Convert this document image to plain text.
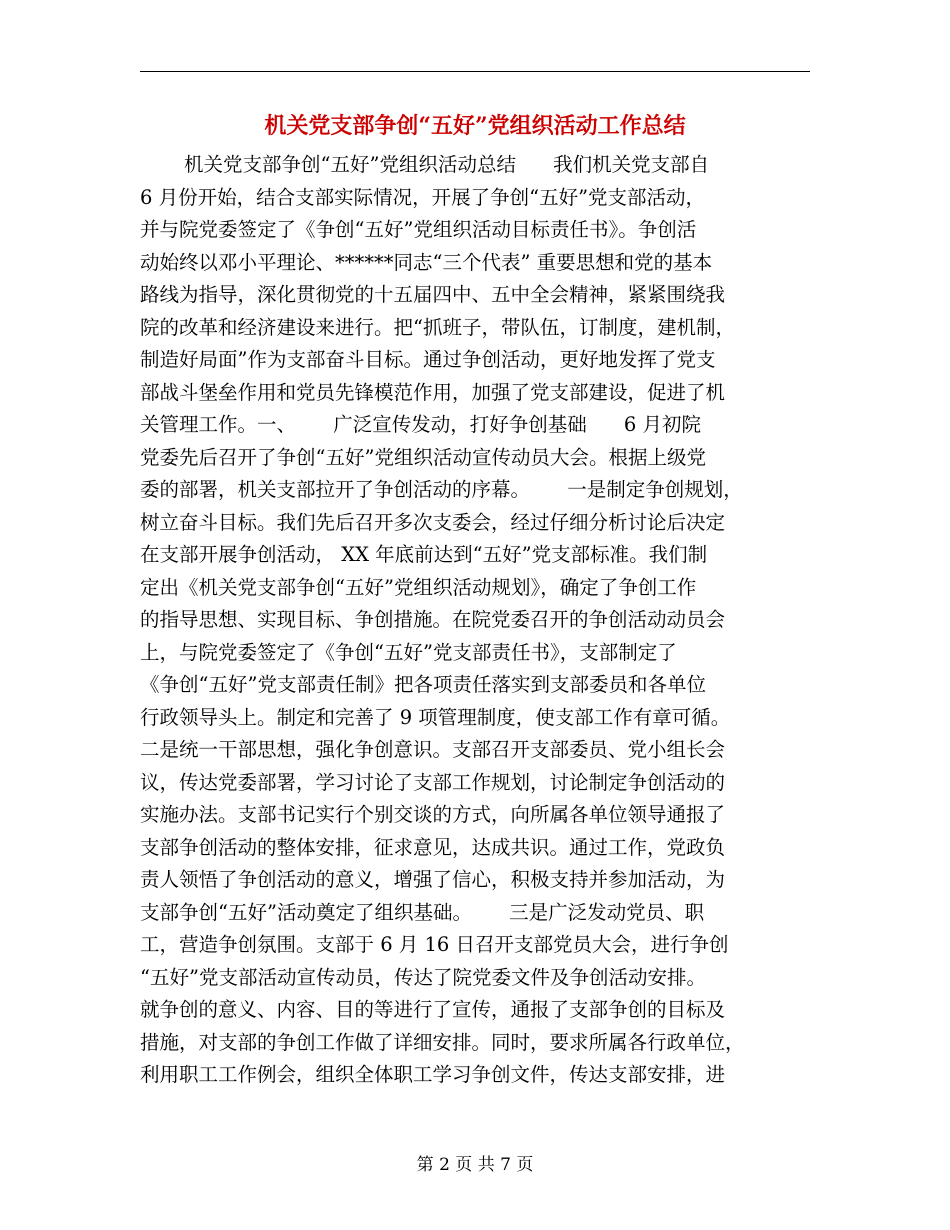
机关党支部争创“五好”党组织活动工作总结
机关党支部争创“五好”党组织活动总结      我们机关党支部自
6 月份开始，结合支部实际情况，开展了争创“五好”党支部活动，
并与院党委签定了《争创“五好”党组织活动目标责任书》。争创活
动始终以邓小平理论、******同志“三个代表” 重要思想和党的基本
路线为指导，深化贯彻党的十五届四中、五中全会精神，紧紧围绕我
院的改革和经济建设来进行。把“抓班子，带队伍，订制度，建机制，
制造好局面”作为支部奋斗目标。通过争创活动，更好地发挥了党支
部战斗堡垒作用和党员先锋模范作用，加强了党支部建设，促进了机
关管理工作。一、      广泛宣传发动，打好争创基础      6 月初院
党委先后召开了争创“五好”党组织活动宣传动员大会。根据上级党
委的部署，机关支部拉开了争创活动的序幕。      一是制定争创规划，
树立奋斗目标。我们先后召开多次支委会，经过仔细分析讨论后决定
在支部开展争创活动， XX 年底前达到“五好”党支部标准。我们制
定出《机关党支部争创“五好”党组织活动规划》，确定了争创工作
的指导思想、实现目标、争创措施。在院党委召开的争创活动动员会
上，与院党委签定了《争创“五好”党支部责任书》，支部制定了
《争创“五好”党支部责任制》把各项责任落实到支部委员和各单位
行政领导头上。制定和完善了 9 项管理制度，使支部工作有章可循。
二是统一干部思想，强化争创意识。支部召开支部委员、党小组长会
议，传达党委部署，学习讨论了支部工作规划，讨论制定争创活动的
实施办法。支部书记实行个别交谈的方式，向所属各单位领导通报了
支部争创活动的整体安排，征求意见，达成共识。通过工作，党政负
责人领悟了争创活动的意义，增强了信心，积极支持并参加活动，为
支部争创“五好”活动奠定了组织基础。      三是广泛发动党员、职
工，营造争创氛围。支部于 6 月 16 日召开支部党员大会，进行争创
“五好”党支部活动宣传动员，传达了院党委文件及争创活动安排。
就争创的意义、内容、目的等进行了宣传，通报了支部争创的目标及
措施，对支部的争创工作做了详细安排。同时，要求所属各行政单位，
利用职工工作例会，组织全体职工学习争创文件，传达支部安排，进
第 2 页 共 7 页
